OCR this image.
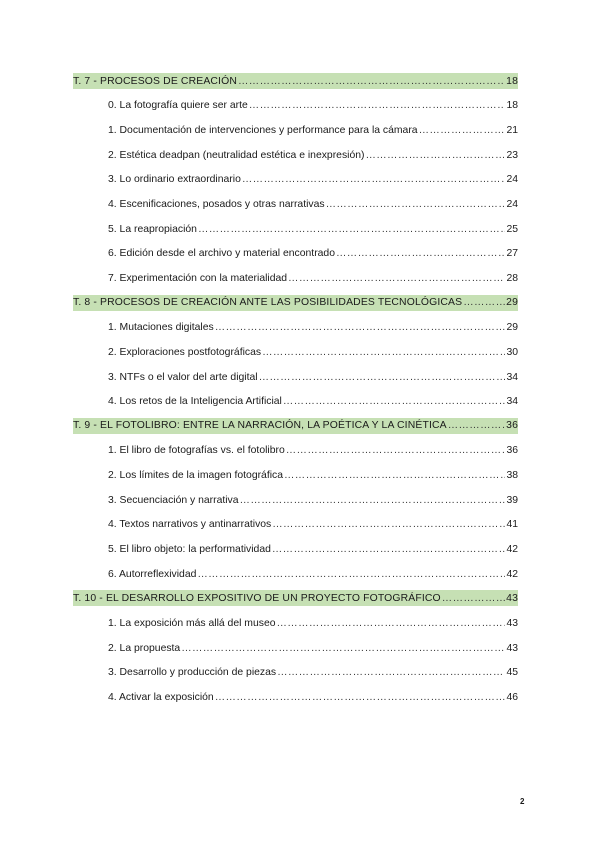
T. 7 - PROCESOS DE CREACIÓN ……………………………………………………………………………………………………………………………………………………………………………………	18
0. La fotografía quiere ser arte ……………………………………………………………………………………………………………………………………………………………………………………	18
1. Documentación de intervenciones y performance para la cámara ……………………………………………………………………………………………………………………………………………………………………………………	21
2. Estética deadpan (neutralidad estética e inexpresión) ……………………………………………………………………………………………………………………………………………………………………………………	23
3. Lo ordinario extraordinario ……………………………………………………………………………………………………………………………………………………………………………………	24
4. Escenificaciones, posados y otras narrativas ……………………………………………………………………………………………………………………………………………………………………………………	24
5. La reapropiación ……………………………………………………………………………………………………………………………………………………………………………………	25
6. Edición desde el archivo y material encontrado ……………………………………………………………………………………………………………………………………………………………………………………	27
7. Experimentación con la materialidad ……………………………………………………………………………………………………………………………………………………………………………………	28
T. 8 - PROCESOS DE CREACIÓN ANTE LAS POSIBILIDADES TECNOLÓGICAS ……………………………………………………………………………………………………………………………………………………………………………………	29
1. Mutaciones digitales ……………………………………………………………………………………………………………………………………………………………………………………	29
2. Exploraciones postfotográficas ……………………………………………………………………………………………………………………………………………………………………………………	30
3. NTFs o el valor del arte digital ……………………………………………………………………………………………………………………………………………………………………………………	34
4. Los retos de la Inteligencia Artificial ……………………………………………………………………………………………………………………………………………………………………………………	34
T. 9 - EL FOTOLIBRO: ENTRE LA NARRACIÓN, LA POÉTICA Y LA CINÉTICA ……………………………………………………………………………………………………………………………………………………………………………………	36
1. El libro de fotografías vs. el fotolibro ……………………………………………………………………………………………………………………………………………………………………………………	36
2. Los límites de la imagen fotográfica ……………………………………………………………………………………………………………………………………………………………………………………	38
3. Secuenciación y narrativa ……………………………………………………………………………………………………………………………………………………………………………………	39
4. Textos narrativos y antinarrativos ……………………………………………………………………………………………………………………………………………………………………………………	41
5. El libro objeto: la performatividad ……………………………………………………………………………………………………………………………………………………………………………………	42
6. Autorreflexividad ……………………………………………………………………………………………………………………………………………………………………………………	42
T. 10 - EL DESARROLLO EXPOSITIVO DE UN PROYECTO FOTOGRÁFICO ……………………………………………………………………………………………………………………………………………………………………………………	43
1. La exposición más allá del museo ……………………………………………………………………………………………………………………………………………………………………………………	43
2. La propuesta ……………………………………………………………………………………………………………………………………………………………………………………	43
3. Desarrollo y producción de piezas ……………………………………………………………………………………………………………………………………………………………………………………	45
4. Activar la exposición ……………………………………………………………………………………………………………………………………………………………………………………	46
2
